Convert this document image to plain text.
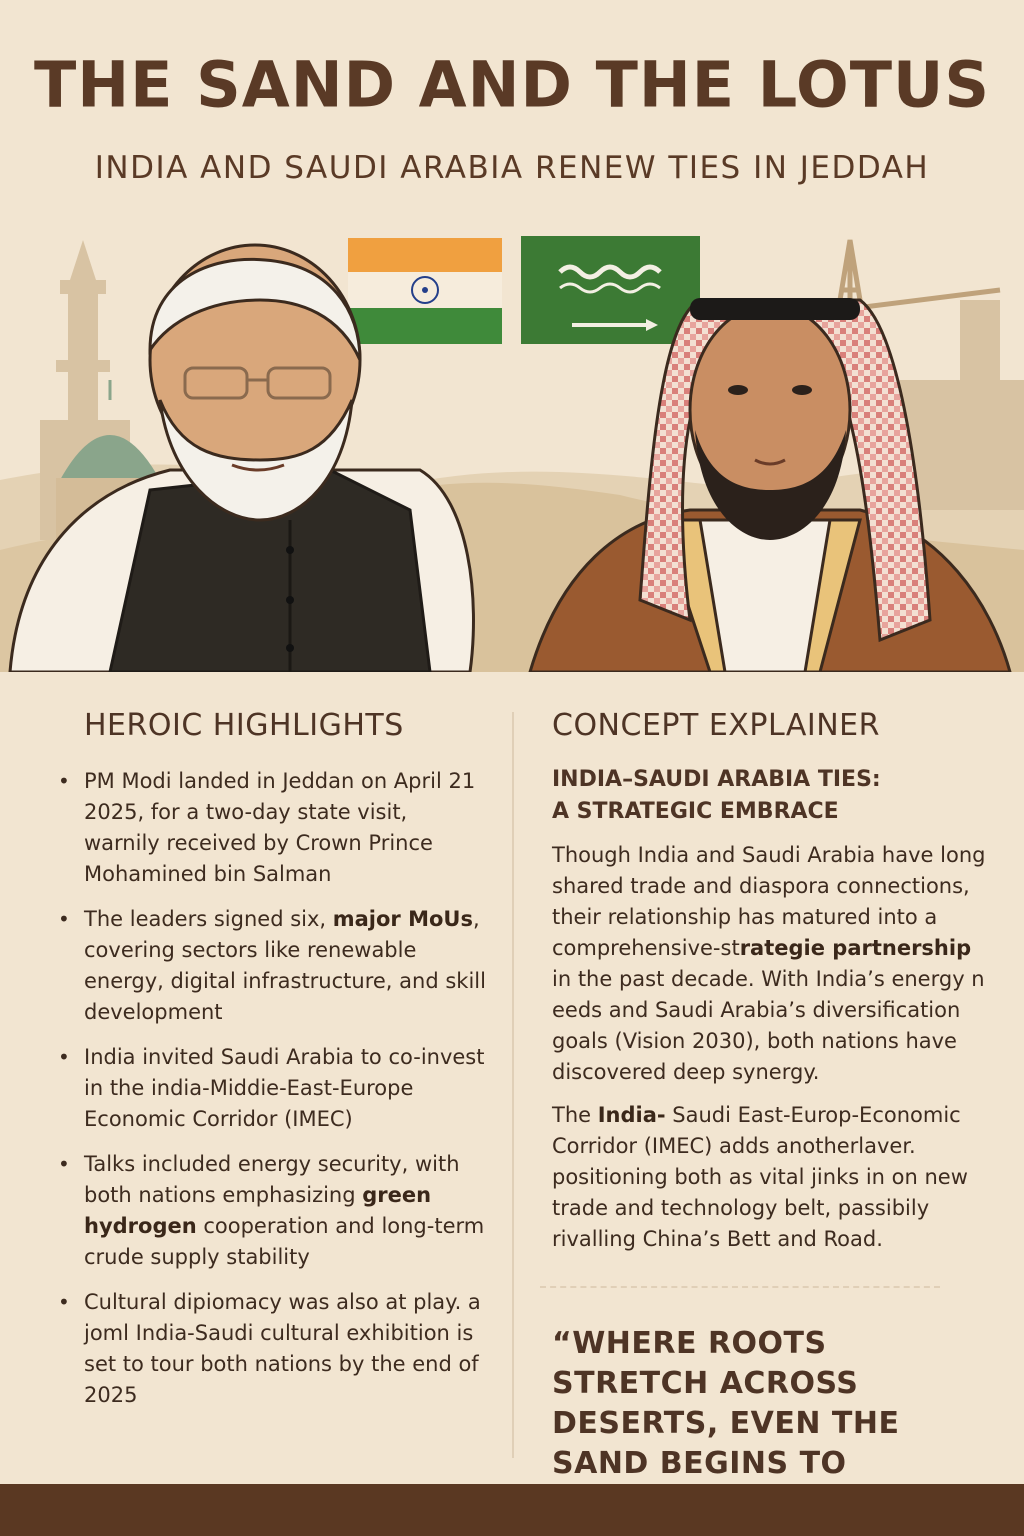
THE SAND AND THE LOTUS
INDIA AND SAUDI ARABIA RENEW TIES IN JEDDAH
HEROIC HIGHLIGHTS
• PM Modi landed in Jeddan on April 21 2025, for a two-day state visit, warnily received by Crown Prince Mohamined bin Salman
• The leaders signed six, major MoUs, covering sectors like renewable energy, digital infrastructure, and skill development
• India invited Saudi Arabia to co-invest in the india-Middie-East-Europe Economic Corridor (IMEC)
• Talks included energy security, with both nations emphasizing green hydrogen cooperation and long-term crude supply stability
• Cultural dipiomacy was also at play. a joml India-Saudi cultural exhibition is set to tour both nations by the end of 2025
CONCEPT EXPLAINER
INDIA–SAUDI ARABIA TIES:
A STRATEGIC EMBRACE
Though India and Saudi Arabia have long shared trade and diaspora connections, their relationship has matured into a comprehensive-strategie partnership in the past decade. With India’s energy n eeds and Saudi Arabia’s diversification goals (Vision 2030), both nations have discovered deep synergy.
The India- Saudi East-Europ-Economic Corridor (IMEC) adds anotherlaver. positioning both as vital jinks in on new trade and technology belt, passibily rivalling China’s Bett and Road.
“WHERE ROOTS STRETCH ACROSS DESERTS, EVEN THE SAND BEGINS TO
